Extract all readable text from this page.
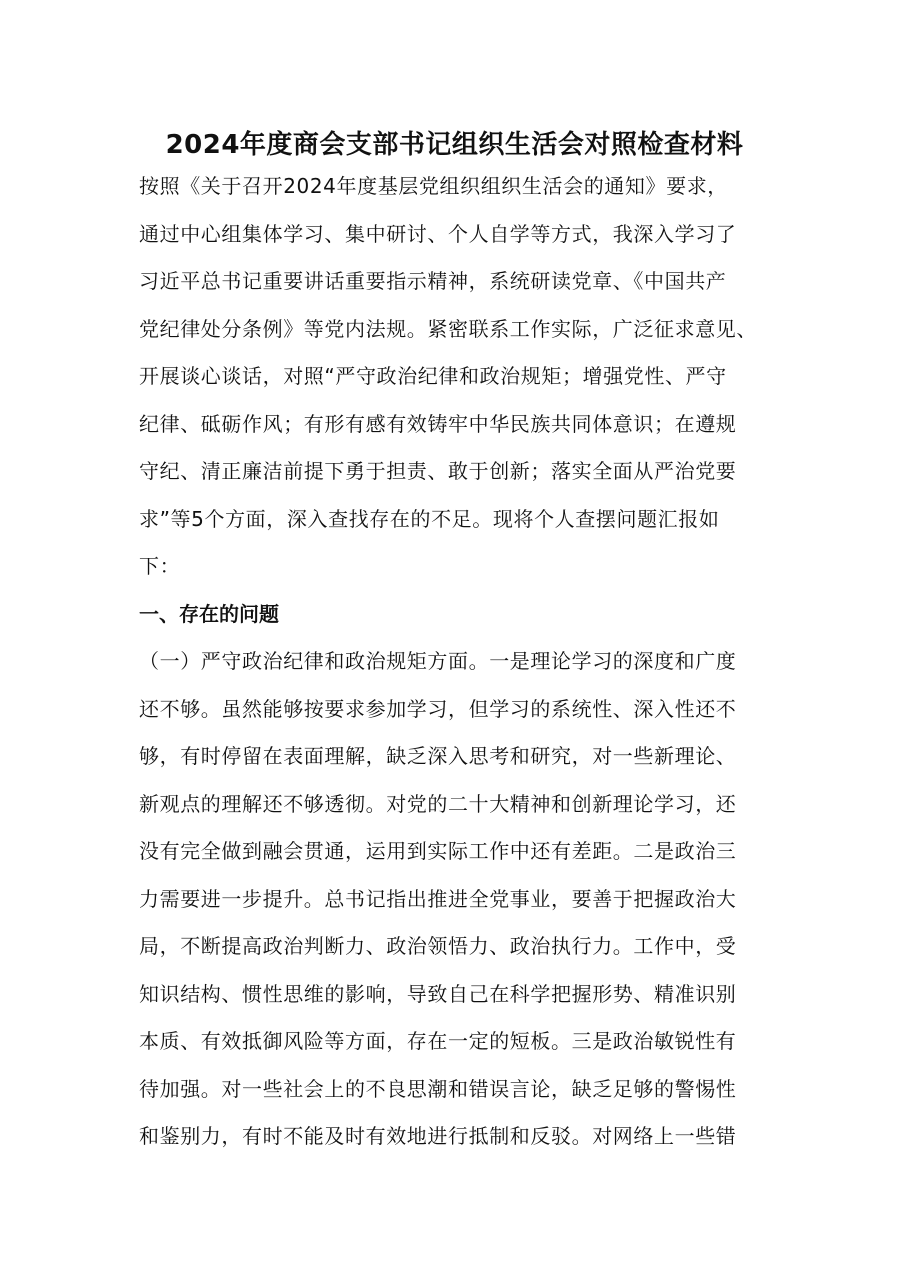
2024年度商会支部书记组织生活会对照检查材料
按照《关于召开2024年度基层党组织组织生活会的通知》要求，
通过中心组集体学习、集中研讨、个人自学等方式，我深入学习了
习近平总书记重要讲话重要指示精神，系统研读党章、《中国共产
党纪律处分条例》等党内法规。紧密联系工作实际，广泛征求意见、
开展谈心谈话，对照“严守政治纪律和政治规矩；增强党性、严守
纪律、砥砺作风；有形有感有效铸牢中华民族共同体意识；在遵规
守纪、清正廉洁前提下勇于担责、敢于创新；落实全面从严治党要
求”等5个方面，深入查找存在的不足。现将个人查摆问题汇报如
下：
一、存在的问题
（一）严守政治纪律和政治规矩方面。一是理论学习的深度和广度
还不够。虽然能够按要求参加学习，但学习的系统性、深入性还不
够，有时停留在表面理解，缺乏深入思考和研究，对一些新理论、
新观点的理解还不够透彻。对党的二十大精神和创新理论学习，还
没有完全做到融会贯通，运用到实际工作中还有差距。二是政治三
力需要进一步提升。总书记指出推进全党事业，要善于把握政治大
局，不断提高政治判断力、政治领悟力、政治执行力。工作中，受
知识结构、惯性思维的影响，导致自己在科学把握形势、精准识别
本质、有效抵御风险等方面，存在一定的短板。三是政治敏锐性有
待加强。对一些社会上的不良思潮和错误言论，缺乏足够的警惕性
和鉴别力，有时不能及时有效地进行抵制和反驳。对网络上一些错
